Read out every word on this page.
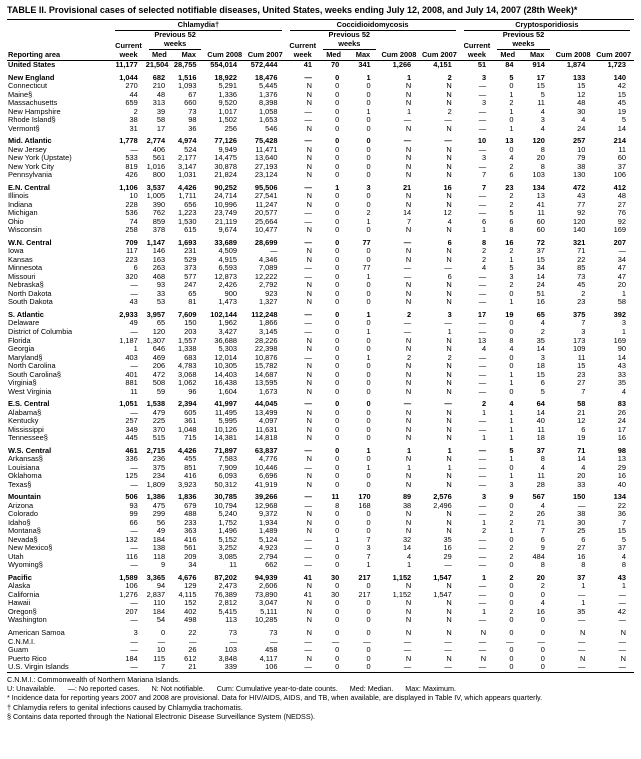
TABLE II. Provisional cases of selected notifiable diseases, United States, weeks ending July 12, 2008, and July 14, 2007 (28th Week)*
Reporting area	Chlamydia†					Coccidioidomycosis					Cryptosporidiosis				

	Current week	Previous 52 weeks		Cum 2008	Cum 2007	Current week	Previous 52 weeks		Cum 2008	Cum 2007	Current week	Previous 52 weeks		Cum 2008	Cum 2007
		Med	Max				Med	Max				Med	Max		
United States	11,177	21,504	28,755	554,014	572,444	41	70	341	1,266	4,151	51	84	914	1,874	1,723
New England	1,044	682	1,516	18,922	18,476	—	0	1	1	2	3	5	17	133	140
Connecticut	270	210	1,093	5,291	5,445	N	0	0	N	N	—	0	15	15	42
Maine§	44	48	67	1,336	1,376	N	0	0	N	N	—	1	5	12	15
Massachusetts	659	313	660	9,520	8,398	N	0	0	N	N	3	2	11	48	45
New Hampshire	2	39	73	1,017	1,058	—	0	1	1	2	—	1	4	30	19
Rhode Island§	38	58	98	1,502	1,653	—	0	0	—	—	—	0	3	4	5
Vermont§	31	17	36	256	546	N	0	0	N	N	—	1	4	24	14
Mid. Atlantic	1,778	2,774	4,974	77,126	75,428	—	0	0	—	—	10	13	120	257	214
New Jersey	—	406	524	9,949	11,471	N	0	0	N	N	—	0	8	10	11
New York (Upstate)	533	561	2,177	14,475	13,640	N	0	0	N	N	3	4	20	79	60
New York City	819	1,016	3,147	30,878	27,193	N	0	0	N	N	—	2	8	38	37
Pennsylvania	426	800	1,031	21,824	23,124	N	0	0	N	N	7	6	103	130	106
E.N. Central	1,106	3,537	4,426	90,252	95,506	—	1	3	21	16	7	23	134	472	412
Illinois	10	1,005	1,711	24,714	27,541	N	0	0	N	N	—	2	13	43	48
Indiana	228	390	656	10,996	11,247	N	0	0	N	N	—	2	41	77	27
Michigan	536	762	1,223	23,749	20,577	—	0	2	14	12	—	5	11	92	76
Ohio	74	859	1,530	21,119	25,664	—	0	1	7	4	6	6	60	120	92
Wisconsin	258	378	615	9,674	10,477	N	0	0	N	N	1	8	60	140	169
W.N. Central	709	1,147	1,693	33,689	28,699	—	0	77	—	6	8	16	72	321	207
Iowa	117	146	231	4,509	—	N	0	0	N	N	2	2	37	71	—
Kansas	223	163	529	4,915	4,346	N	0	0	N	N	2	1	15	22	34
Minnesota	6	263	373	6,593	7,089	—	0	77	—	—	4	5	34	85	47
Missouri	320	468	577	12,873	12,222	—	0	1	—	6	—	3	14	73	47
Nebraska§	—	93	247	2,426	2,792	N	0	0	N	N	—	2	24	45	20
North Dakota	—	33	65	900	923	N	0	0	N	N	—	0	51	2	1
South Dakota	43	53	81	1,473	1,327	N	0	0	N	N	—	1	16	23	58
S. Atlantic	2,933	3,957	7,609	102,144	112,248	—	0	1	2	3	17	19	65	375	392
Delaware	49	65	150	1,962	1,866	—	0	0	—	—	—	0	4	7	3
District of Columbia	—	120	203	3,427	3,145	—	0	1	—	1	—	0	2	3	1
Florida	1,187	1,307	1,557	36,688	28,226	N	0	0	N	N	13	8	35	173	169
Georgia	1	646	1,338	5,303	22,398	N	0	0	N	N	4	4	14	109	90
Maryland§	403	469	683	12,014	10,876	—	0	1	2	2	—	0	3	11	14
North Carolina	—	206	4,783	10,305	15,782	N	0	0	N	N	—	0	18	15	43
South Carolina§	401	472	3,068	14,403	14,687	N	0	0	N	N	—	1	15	23	33
Virginia§	881	508	1,062	16,438	13,595	N	0	0	N	N	—	1	6	27	35
West Virginia	11	59	96	1,604	1,673	N	0	0	N	N	—	0	5	7	4
E.S. Central	1,051	1,538	2,394	41,997	44,045	—	0	0	—	—	2	4	64	58	83
Alabama§	—	479	605	11,495	13,499	N	0	0	N	N	1	1	14	21	26
Kentucky	257	225	361	5,995	4,097	N	0	0	N	N	—	1	40	12	24
Mississippi	349	370	1,048	10,126	11,631	N	0	0	N	N	—	1	11	6	17
Tennessee§	445	515	715	14,381	14,818	N	0	0	N	N	1	1	18	19	16
W.S. Central	461	2,715	4,426	71,897	63,837	—	0	1	1	1	—	5	37	71	98
Arkansas§	336	236	455	7,583	4,776	N	0	0	N	N	—	1	8	14	13
Louisiana	—	375	851	7,909	10,446	—	0	1	1	1	—	0	4	4	29
Oklahoma	125	234	416	6,093	6,696	N	0	0	N	N	—	1	11	20	16
Texas§	—	1,809	3,923	50,312	41,919	N	0	0	N	N	—	3	28	33	40
Mountain	506	1,386	1,836	30,785	39,266	—	11	170	89	2,576	3	9	567	150	134
Arizona	93	475	679	10,794	12,968	—	8	168	38	2,496	—	0	4	—	22
Colorado	99	299	488	5,240	9,372	N	0	0	N	N	—	2	26	38	36
Idaho§	66	56	233	1,752	1,934	N	0	0	N	N	1	2	71	30	7
Montana§	—	49	363	1,496	1,489	N	0	0	N	N	2	1	7	25	15
Nevada§	132	184	416	5,152	5,124	—	1	7	32	35	—	0	6	6	5
New Mexico§	—	138	561	3,252	4,923	—	0	3	14	16	—	2	9	27	37
Utah	116	118	209	3,085	2,794	—	0	7	4	29	—	2	484	16	4
Wyoming§	—	9	34	11	662	—	0	1	1	—	—	0	8	8	8
Pacific	1,589	3,365	4,676	87,202	94,939	41	30	217	1,152	1,547	1	2	20	37	43
Alaska	106	94	129	2,473	2,606	N	0	0	N	N	—	0	2	1	1
California	1,276	2,837	4,115	76,389	73,890	41	30	217	1,152	1,547	—	0	0	—	—
Hawaii	—	110	152	2,812	3,047	N	0	0	N	N	—	0	4	1	—
Oregon§	207	184	402	5,415	5,111	N	0	0	N	N	1	2	16	35	42
Washington	—	54	498	113	10,285	N	0	0	N	N	—	0	0	—	—
American Samoa	3	0	22	73	73	N	0	0	N	N	N	0	0	N	N
C.N.M.I.	—	—	—	—	—	—	—	—	—	—	—	—	—	—	—
Guam	—	10	26	103	458	—	0	0	—	—	—	0	0	—	—
Puerto Rico	184	115	612	3,848	4,117	N	0	0	N	N	N	0	0	N	N
U.S. Virgin Islands	—	7	21	339	106	—	0	0	—	—	—	0	0	—	—
C.N.M.I.: Commonwealth of Northern Mariana Islands.
U: Unavailable.      —: No reported cases.      N: Not notifiable.      Cum: Cumulative year-to-date counts.      Med: Median.      Max: Maximum.
* Incidence data for reporting years 2007 and 2008 are provisional. Data for HIV/AIDS, AIDS, and TB, when available, are displayed in Table IV, which appears quarterly.
† Chlamydia refers to genital infections caused by Chlamydia trachomatis.
§ Contains data reported through the National Electronic Disease Surveillance System (NEDSS).
